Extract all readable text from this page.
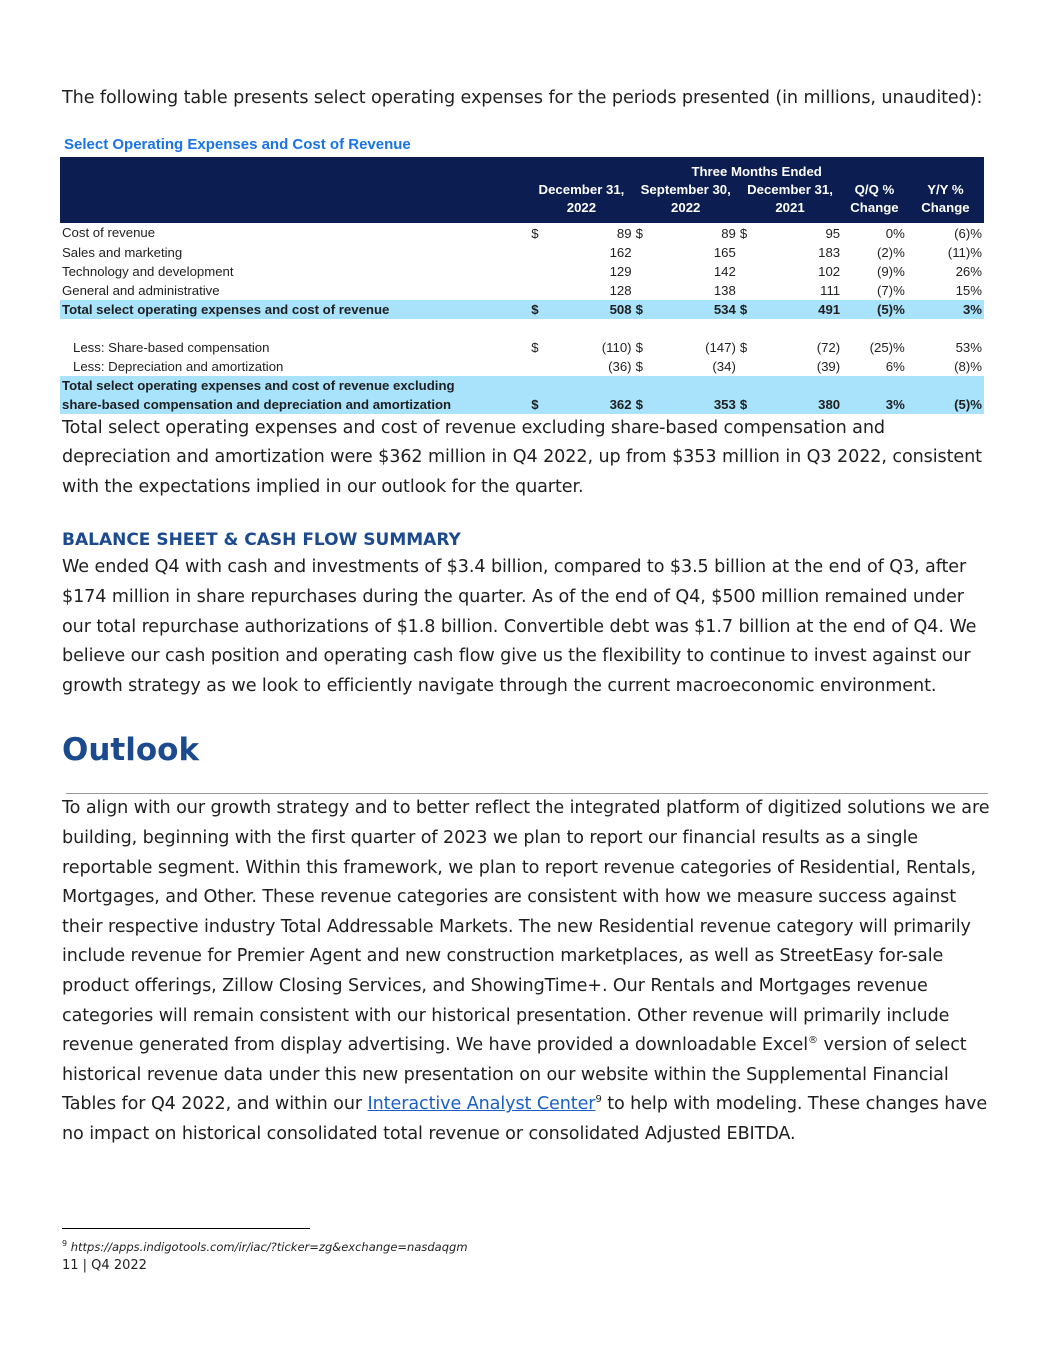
The following table presents select operating expenses for the periods presented (in millions, unaudited):

Select Operating Expenses and Cost of Revenue
	Three Months Ended							
	December 31,		September 30,		December 31,		Q/Q %	Y/Y %
	2022		2022		2021		Change	Change
Cost of revenue	$	89	$	89	$	95	0%	(6)%
Sales and marketing		162		165		183	(2)%	(11)%
Technology and development		129		142		102	(9)%	26%
General and administrative		128		138		111	(7)%	15%
Total select operating expenses and cost of revenue	$	508	$	534	$	491	(5)%	3%

Less: Share-based compensation	$	(110)	$	(147)	$	(72)	(25)%	53%
Less: Depreciation and amortization		(36)	$	(34)		(39)	6%	(8)%
Total select operating expenses and cost of revenue excluding								
share-based compensation and depreciation and amortization	$	362	$	353	$	380	3%	(5)%

Total select operating expenses and cost of revenue excluding share-based compensation and depreciation and amortization were $362 million in Q4 2022, up from $353 million in Q3 2022, consistent with the expectations implied in our outlook for the quarter.

BALANCE SHEET & CASH FLOW SUMMARY

We ended Q4 with cash and investments of $3.4 billion, compared to $3.5 billion at the end of Q3, after $174 million in share repurchases during the quarter. As of the end of Q4, $500 million remained under our total repurchase authorizations of $1.8 billion. Convertible debt was $1.7 billion at the end of Q4. We believe our cash position and operating cash flow give us the flexibility to continue to invest against our growth strategy as we look to efficiently navigate through the current macroeconomic environment.

Outlook

To align with our growth strategy and to better reflect the integrated platform of digitized solutions we are building, beginning with the first quarter of 2023 we plan to report our financial results as a single reportable segment. Within this framework, we plan to report revenue categories of Residential, Rentals, Mortgages, and Other. These revenue categories are consistent with how we measure success against their respective industry Total Addressable Markets. The new Residential revenue category will primarily include revenue for Premier Agent and new construction marketplaces, as well as StreetEasy for-sale product offerings, Zillow Closing Services, and ShowingTime+. Our Rentals and Mortgages revenue categories will remain consistent with our historical presentation. Other revenue will primarily include revenue generated from display advertising. We have provided a downloadable Excel® version of select historical revenue data under this new presentation on our website within the Supplemental Financial Tables for Q4 2022, and within our Interactive Analyst Center$^9$ to help with modeling. These changes have no impact on historical consolidated total revenue or consolidated Adjusted EBITDA.

$^9$ https://apps.indigotools.com/ir/iac/?ticker=zg&exchange=nasdaqgm
11 | Q4 2022
